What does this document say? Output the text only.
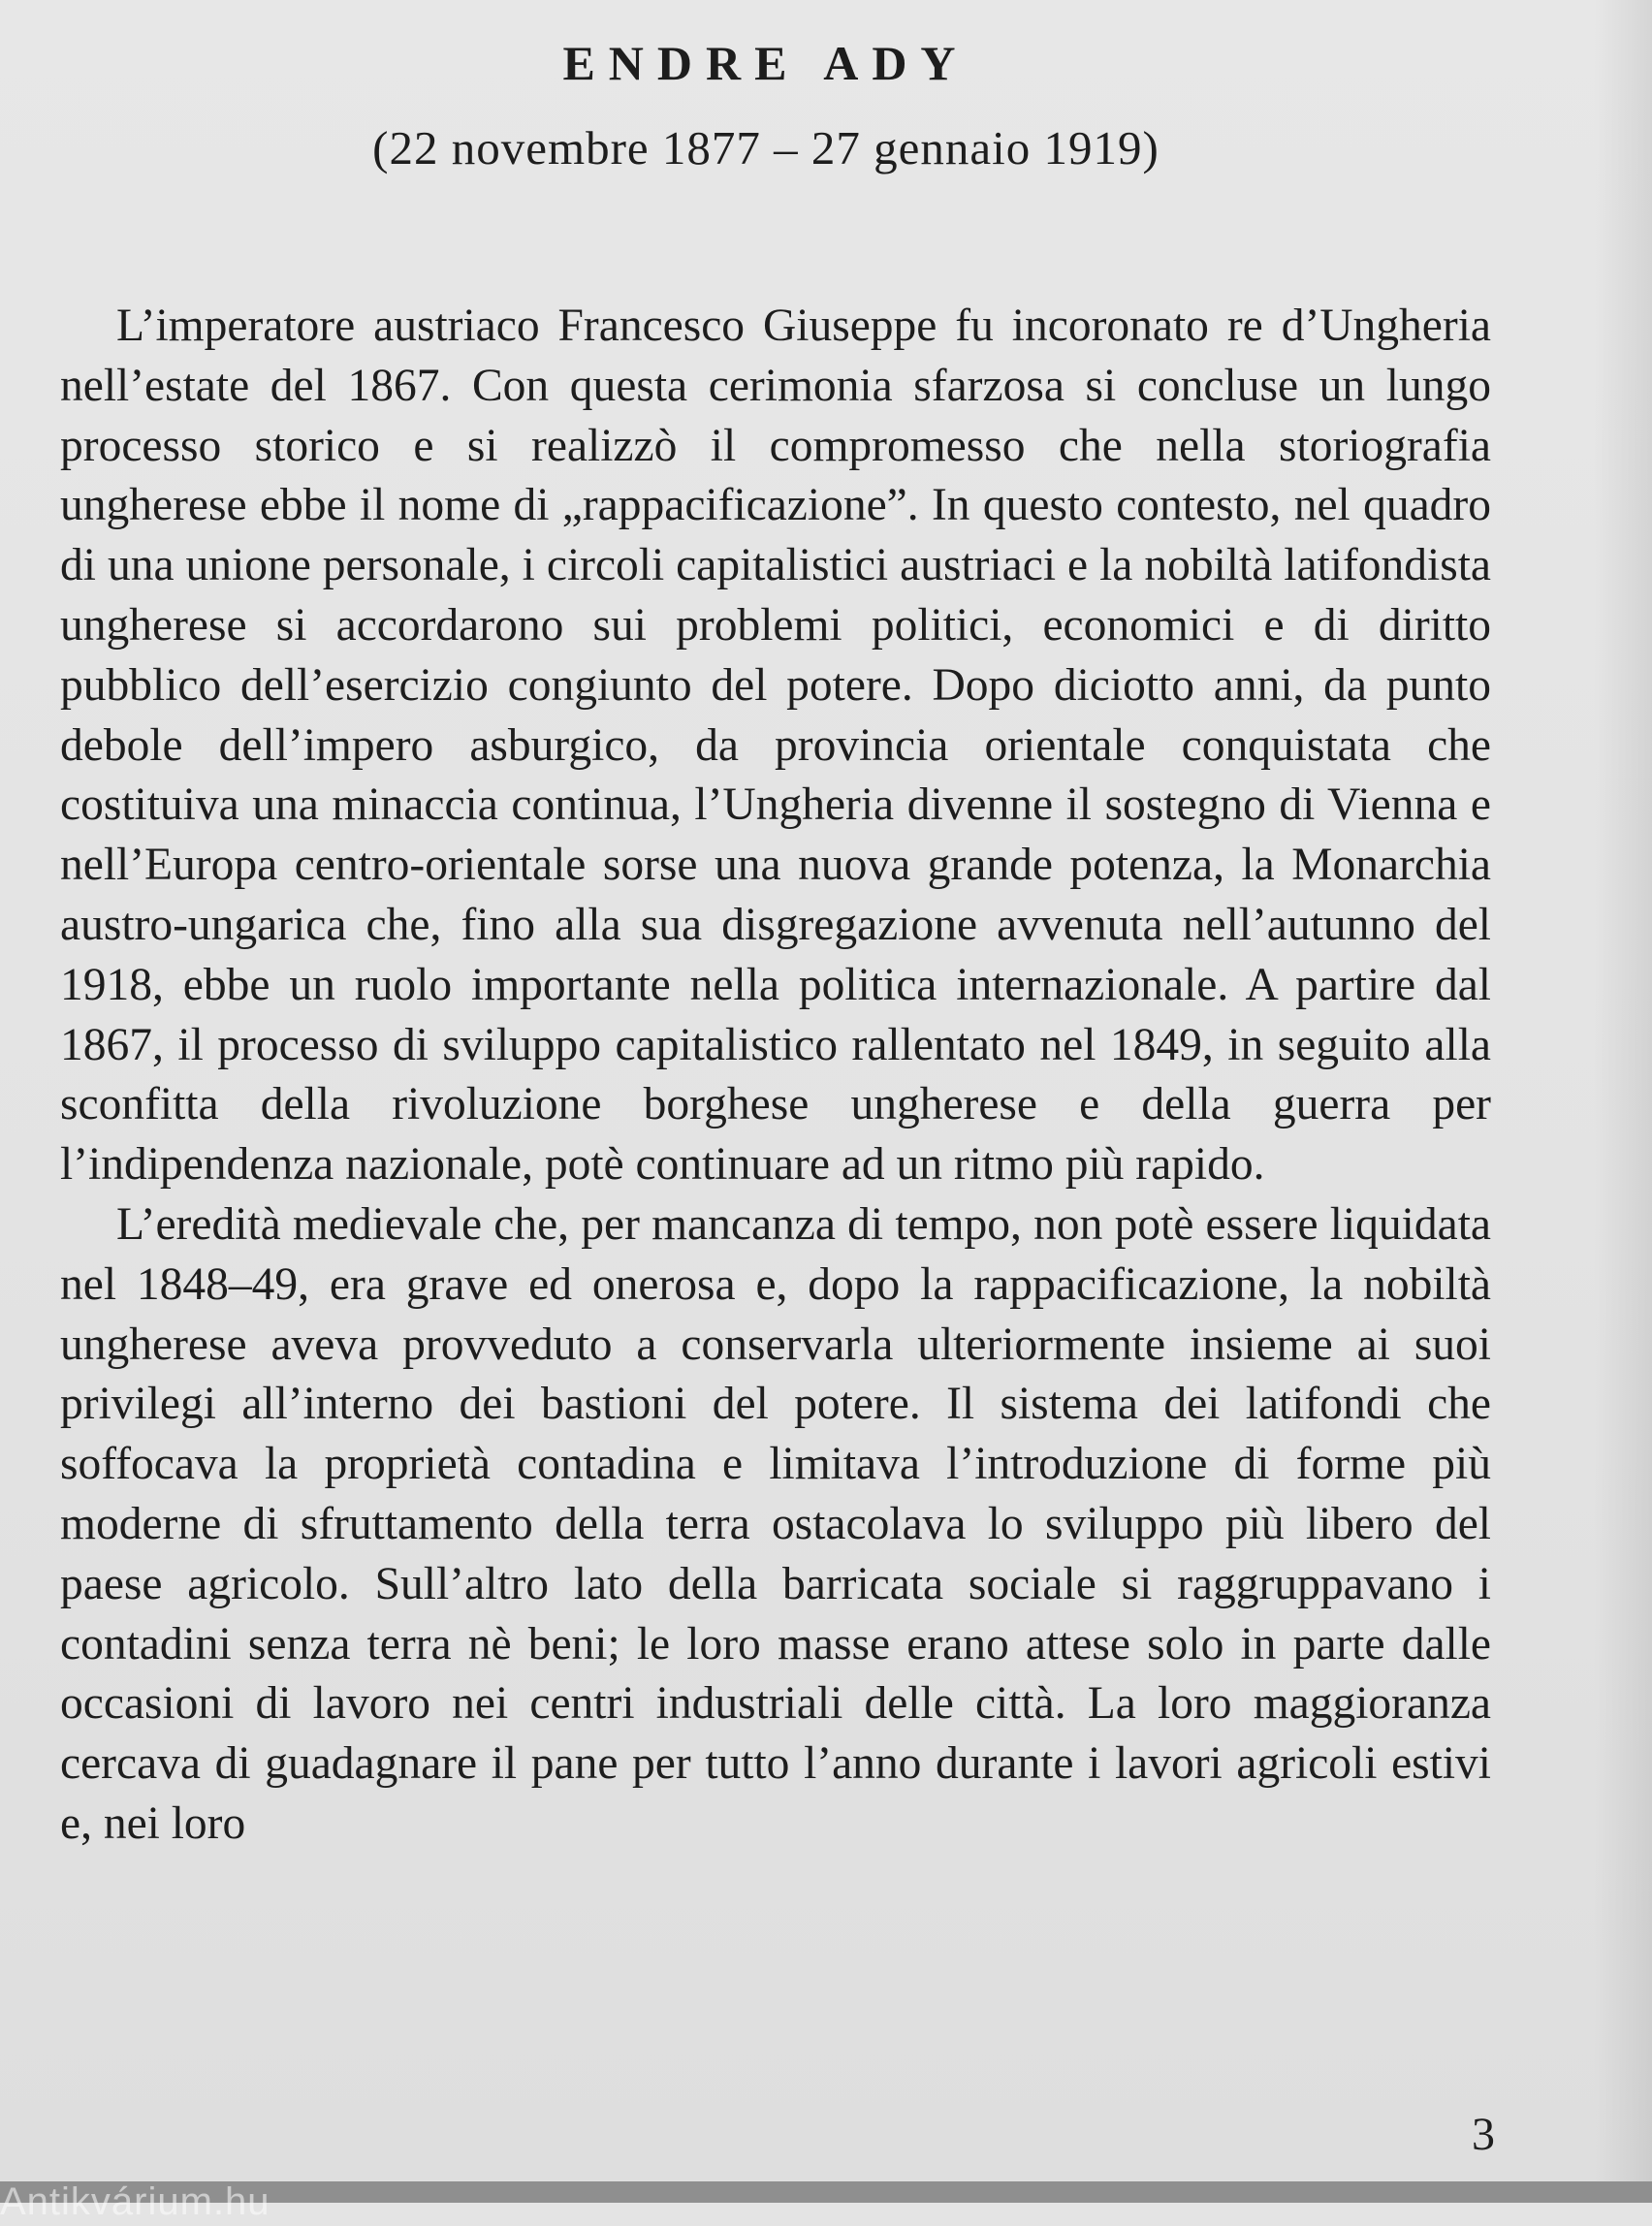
ENDRE ADY
(22 novembre 1877 – 27 gennaio 1919)

L’imperatore austriaco Francesco Giuseppe fu incoronato re d’Ungheria nell’estate del 1867. Con questa cerimonia sfarzosa si concluse un lungo processo storico e si realizzò il compromesso che nella storiografia ungherese ebbe il nome di „rappacificazione”. In questo contesto, nel quadro di una unione personale, i circoli capitalistici austriaci e la nobiltà latifondista ungherese si accordarono sui problemi politici, economici e di diritto pubblico dell’esercizio congiunto del potere. Dopo diciotto anni, da punto debole dell’impero asburgico, da provincia orientale conquistata che costituiva una minaccia continua, l’Ungheria divenne il sostegno di Vienna e nell’Europa centro-orientale sorse una nuova grande potenza, la Monarchia austro-ungarica che, fino alla sua disgregazione avvenuta nell’autunno del 1918, ebbe un ruolo importante nella politica internazionale. A partire dal 1867, il processo di sviluppo capitalistico rallentato nel 1849, in seguito alla sconfitta della rivoluzione borghese ungherese e della guerra per l’indipendenza nazionale, potè continuare ad un ritmo più rapido.

L’eredità medievale che, per mancanza di tempo, non potè essere liquidata nel 1848–49, era grave ed onerosa e, dopo la rappacificazione, la nobiltà ungherese aveva provveduto a conservarla ulteriormente insieme ai suoi privilegi all’interno dei bastioni del potere. Il sistema dei latifondi che soffocava la proprietà contadina e limitava l’introduzione di forme più moderne di sfruttamento della terra ostacolava lo sviluppo più libero del paese agricolo. Sull’altro lato della barricata sociale si raggruppavano i contadini senza terra nè beni; le loro masse erano attese solo in parte dalle occasioni di lavoro nei centri industriali delle città. La loro maggioranza cercava di guadagnare il pane per tutto l’anno durante i lavori agricoli estivi e, nei loro

3
Antikvárium.hu
